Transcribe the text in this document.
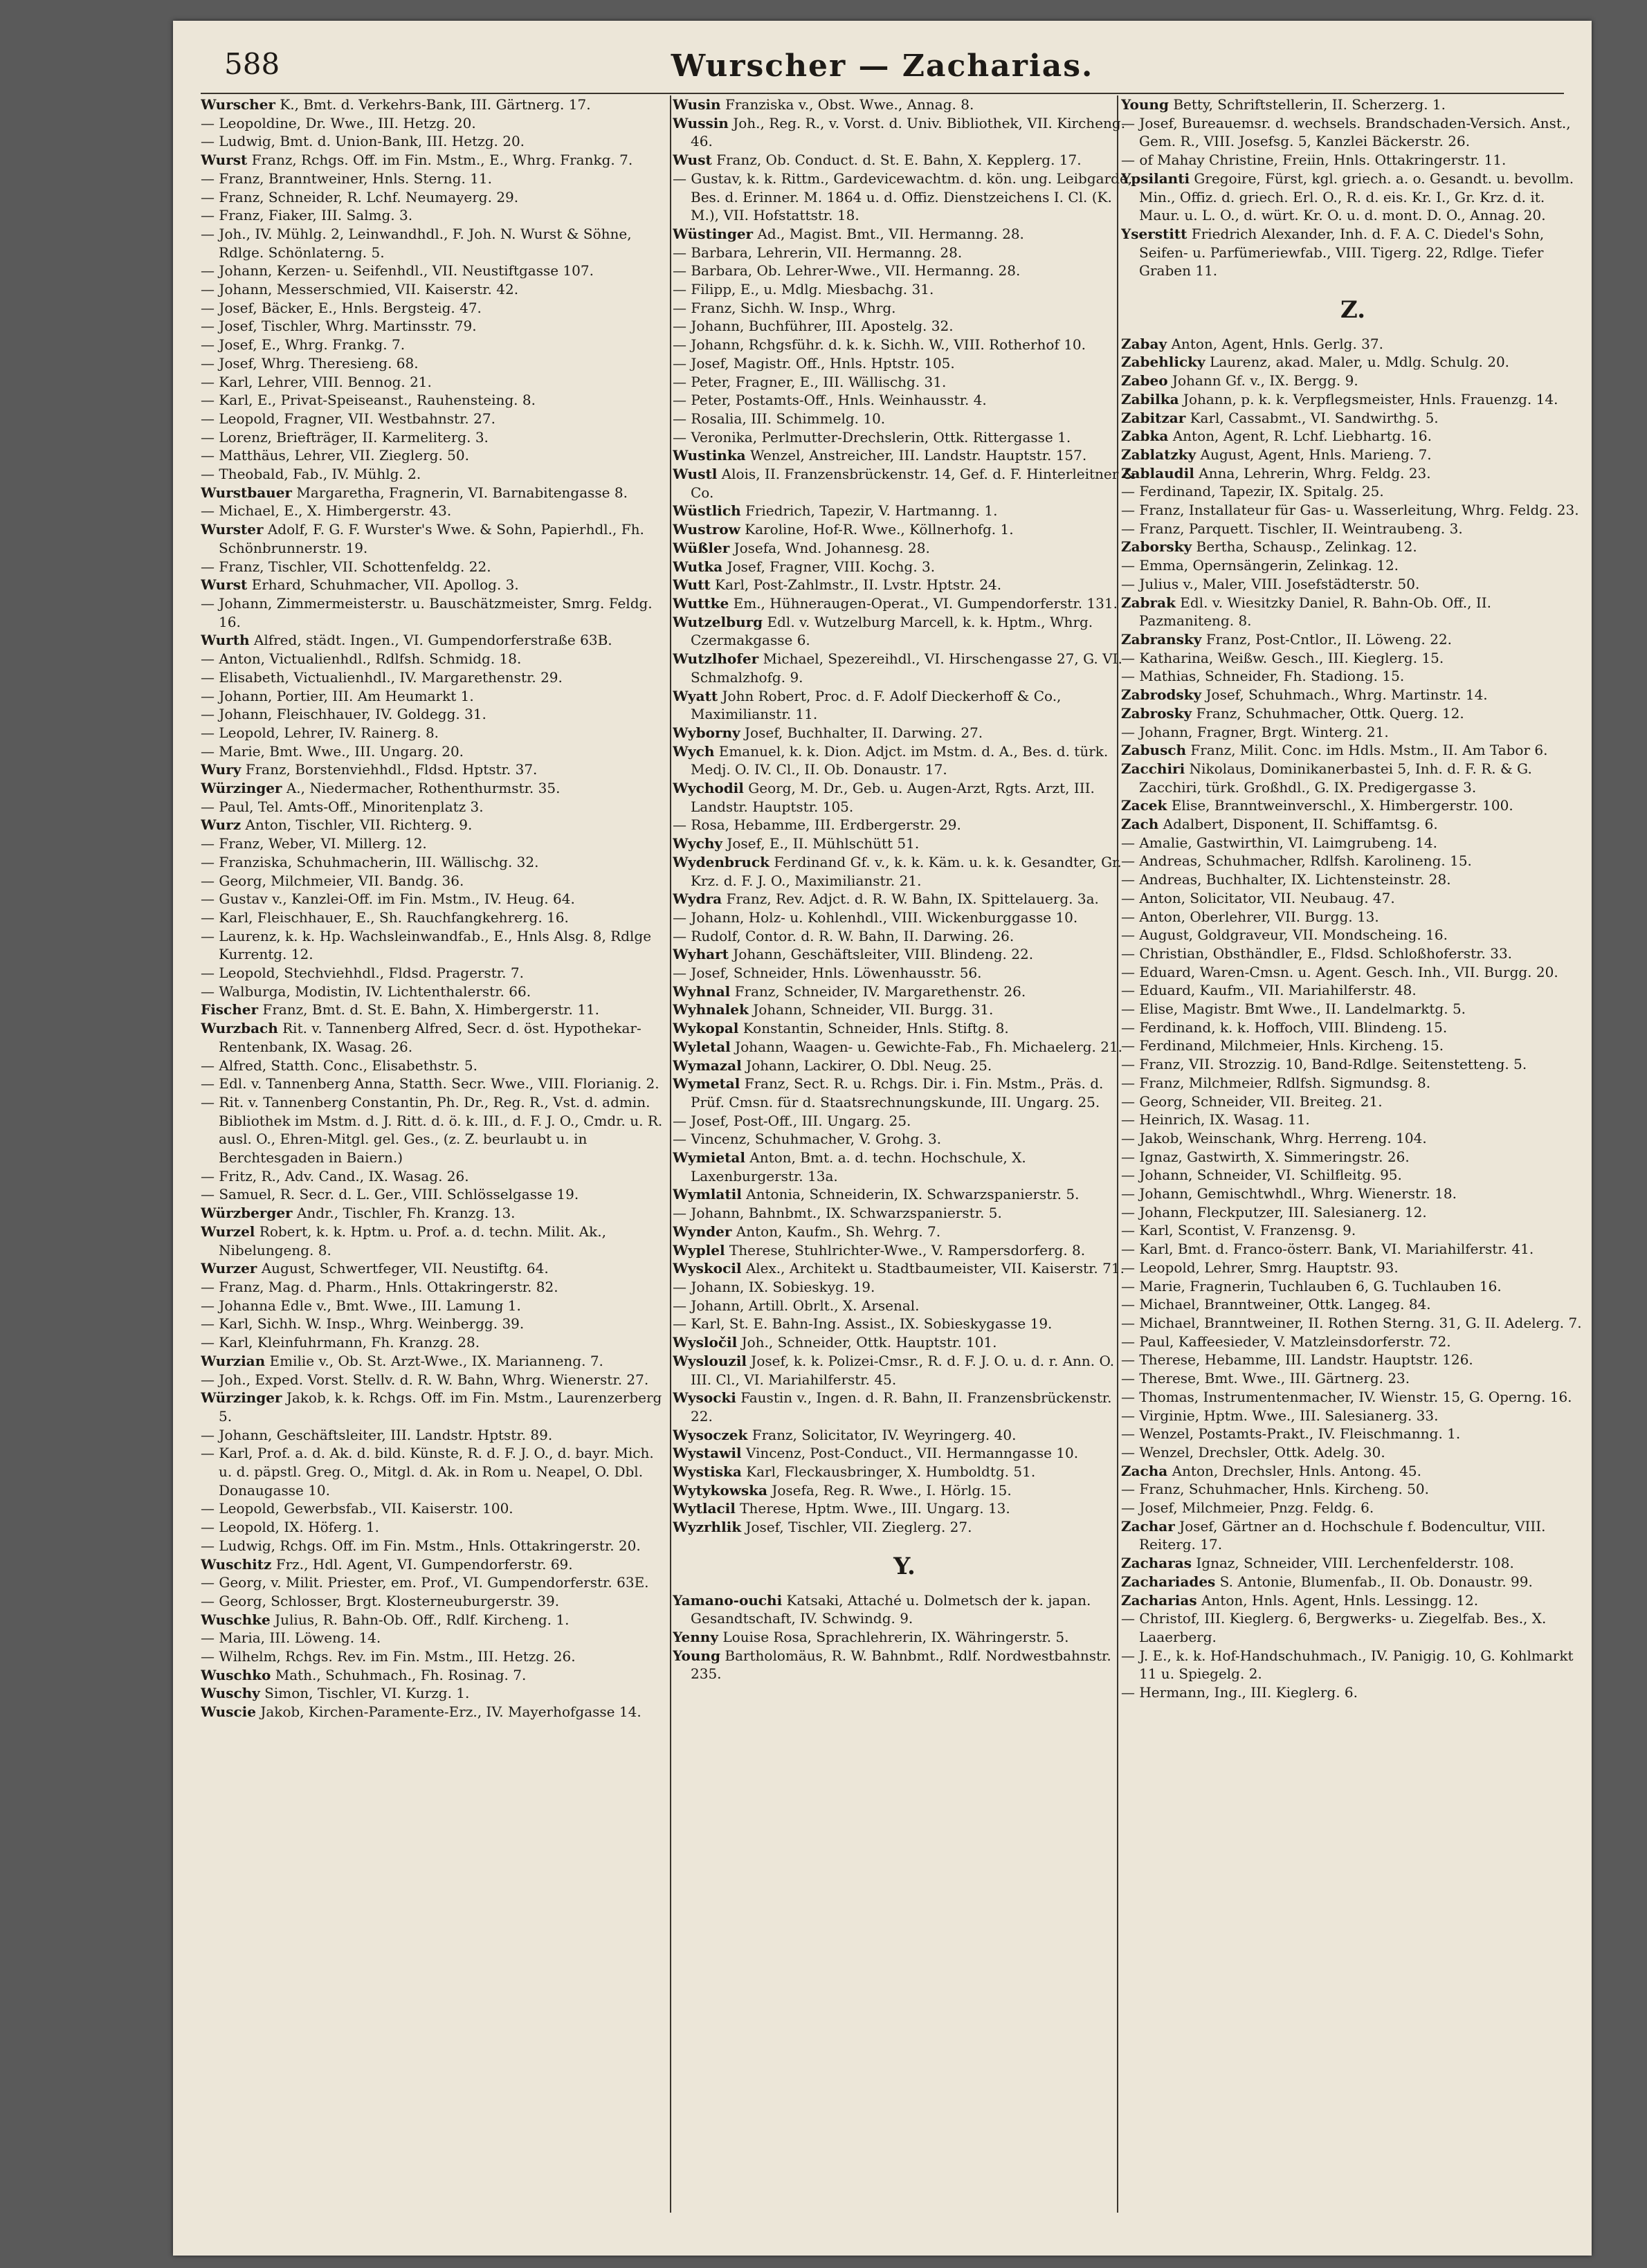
588	Wurscher — Zacharias.
Wurscher K., Bmt. d. Verkehrs-Bank, III. Gärtnerg. 17.
— Leopoldine, Dr. Wwe., III. Hetzg. 20.
— Ludwig, Bmt. d. Union-Bank, III. Hetzg. 20.
Wurst Franz, Rchgs. Off. im Fin. Mstm., E., Whrg. Frankg. 7.
— Franz, Branntweiner, Hnls. Sterng. 11.
— Franz, Schneider, R. Lchf. Neumayerg. 29.
— Franz, Fiaker, III. Salmg. 3.
— Joh., IV. Mühlg. 2, Leinwandhdl., F. Joh. N. Wurst & Söhne, Rdlge. Schönlaterng. 5.
— Johann, Kerzen- u. Seifenhdl., VII. Neustiftgasse 107.
— Johann, Messerschmied, VII. Kaiserstr. 42.
— Josef, Bäcker, E., Hnls. Bergsteig. 47.
— Josef, Tischler, Whrg. Martinsstr. 79.
— Josef, E., Whrg. Frankg. 7.
— Josef, Whrg. Theresieng. 68.
— Karl, Lehrer, VIII. Bennog. 21.
— Karl, E., Privat-Speiseanst., Rauhensteing. 8.
— Leopold, Fragner, VII. Westbahnstr. 27.
— Lorenz, Briefträger, II. Karmeliterg. 3.
— Matthäus, Lehrer, VII. Zieglerg. 50.
— Theobald, Fab., IV. Mühlg. 2.
Wurstbauer Margaretha, Fragnerin, VI. Barnabitengasse 8.
— Michael, E., X. Himbergerstr. 43.
Wurster Adolf, F. G. F. Wurster's Wwe. & Sohn, Papierhdl., Fh. Schönbrunnerstr. 19.
— Franz, Tischler, VII. Schottenfeldg. 22.
Wurst Erhard, Schuhmacher, VII. Apollog. 3.
— Johann, Zimmermeisterstr. u. Bauschätzmeister, Smrg. Feldg. 16.
Wurth Alfred, städt. Ingen., VI. Gumpendorferstraße 63B.
— Anton, Victualienhdl., Rdlfsh. Schmidg. 18.
— Elisabeth, Victualienhdl., IV. Margarethenstr. 29.
— Johann, Portier, III. Am Heumarkt 1.
— Johann, Fleischhauer, IV. Goldegg. 31.
— Leopold, Lehrer, IV. Rainerg. 8.
— Marie, Bmt. Wwe., III. Ungarg. 20.
Wury Franz, Borstenviehhdl., Fldsd. Hptstr. 37.
Würzinger A., Niedermacher, Rothenthurmstr. 35.
— Paul, Tel. Amts-Off., Minoritenplatz 3.
Wurz Anton, Tischler, VII. Richterg. 9.
— Franz, Weber, VI. Millerg. 12.
— Franziska, Schuhmacherin, III. Wällischg. 32.
— Georg, Milchmeier, VII. Bandg. 36.
— Gustav v., Kanzlei-Off. im Fin. Mstm., IV. Heug. 64.
— Karl, Fleischhauer, E., Sh. Rauchfangkehrerg. 16.
— Laurenz, k. k. Hp. Wachsleinwandfab., E., Hnls Alsg. 8, Rdlge Kurrentg. 12.
— Leopold, Stechviehhdl., Fldsd. Pragerstr. 7.
— Walburga, Modistin, IV. Lichtenthalerstr. 66.
Fischer Franz, Bmt. d. St. E. Bahn, X. Himbergerstr. 11.
Wurzbach Rit. v. Tannenberg Alfred, Secr. d. öst. Hypothekar-Rentenbank, IX. Wasag. 26.
— Alfred, Statth. Conc., Elisabethstr. 5.
— Edl. v. Tannenberg Anna, Statth. Secr. Wwe., VIII. Florianig. 2.
— Rit. v. Tannenberg Constantin, Ph. Dr., Reg. R., Vst. d. admin. Bibliothek im Mstm. d. J. Ritt. d. ö. k. III., d. F. J. O., Cmdr. u. R. ausl. O., Ehren-Mitgl. gel. Ges., (z. Z. beurlaubt u. in Berchtesgaden in Baiern.)
— Fritz, R., Adv. Cand., IX. Wasag. 26.
— Samuel, R. Secr. d. L. Ger., VIII. Schlösselgasse 19.
Würzberger Andr., Tischler, Fh. Kranzg. 13.
Wurzel Robert, k. k. Hptm. u. Prof. a. d. techn. Milit. Ak., Nibelungeng. 8.
Wurzer August, Schwertfeger, VII. Neustiftg. 64.
— Franz, Mag. d. Pharm., Hnls. Ottakringerstr. 82.
— Johanna Edle v., Bmt. Wwe., III. Lamung 1.
— Karl, Sichh. W. Insp., Whrg. Weinbergg. 39.
— Karl, Kleinfuhrmann, Fh. Kranzg. 28.
Wurzian Emilie v., Ob. St. Arzt-Wwe., IX. Marianneng. 7.
— Joh., Exped. Vorst. Stellv. d. R. W. Bahn, Whrg. Wienerstr. 27.
Würzinger Jakob, k. k. Rchgs. Off. im Fin. Mstm., Laurenzerberg 5.
— Johann, Geschäftsleiter, III. Landstr. Hptstr. 89.
— Karl, Prof. a. d. Ak. d. bild. Künste, R. d. F. J. O., d. bayr. Mich. u. d. päpstl. Greg. O., Mitgl. d. Ak. in Rom u. Neapel, O. Dbl. Donaugasse 10.
— Leopold, Gewerbsfab., VII. Kaiserstr. 100.
— Leopold, IX. Höferg. 1.
— Ludwig, Rchgs. Off. im Fin. Mstm., Hnls. Ottakringerstr. 20.
Wuschitz Frz., Hdl. Agent, VI. Gumpendorferstr. 69.
— Georg, v. Milit. Priester, em. Prof., VI. Gumpendorferstr. 63E.
— Georg, Schlosser, Brgt. Klosterneuburgerstr. 39.
Wuschke Julius, R. Bahn-Ob. Off., Rdlf. Kircheng. 1.
— Maria, III. Löweng. 14.
— Wilhelm, Rchgs. Rev. im Fin. Mstm., III. Hetzg. 26.
Wuschko Math., Schuhmach., Fh. Rosinag. 7.
Wuschy Simon, Tischler, VI. Kurzg. 1.
Wuscie Jakob, Kirchen-Paramente-Erz., IV. Mayerhofgasse 14.
Wusin Franziska v., Obst. Wwe., Annag. 8.
Wussin Joh., Reg. R., v. Vorst. d. Univ. Bibliothek, VII. Kircheng. 46.
Wust Franz, Ob. Conduct. d. St. E. Bahn, X. Kepplerg. 17.
— Gustav, k. k. Rittm., Gardevicewachtm. d. kön. ung. Leibgarde, Bes. d. Erinner. M. 1864 u. d. Offiz. Dienstzeichens I. Cl. (K. M.), VII. Hofstattstr. 18.
Wüstinger Ad., Magist. Bmt., VII. Hermanng. 28.
— Barbara, Lehrerin, VII. Hermanng. 28.
— Barbara, Ob. Lehrer-Wwe., VII. Hermanng. 28.
— Filipp, E., u. Mdlg. Miesbachg. 31.
— Franz, Sichh. W. Insp., Whrg.
— Johann, Buchführer, III. Apostelg. 32.
— Johann, Rchgsführ. d. k. k. Sichh. W., VIII. Rotherhof 10.
— Josef, Magistr. Off., Hnls. Hptstr. 105.
— Peter, Fragner, E., III. Wällischg. 31.
— Peter, Postamts-Off., Hnls. Weinhausstr. 4.
— Rosalia, III. Schimmelg. 10.
— Veronika, Perlmutter-Drechslerin, Ottk. Rittergasse 1.
Wustinka Wenzel, Anstreicher, III. Landstr. Hauptstr. 157.
Wustl Alois, II. Franzensbrückenstr. 14, Gef. d. F. Hinterleitner & Co.
Wüstlich Friedrich, Tapezir, V. Hartmanng. 1.
Wustrow Karoline, Hof-R. Wwe., Köllnerhofg. 1.
Wüßler Josefa, Wnd. Johannesg. 28.
Wutka Josef, Fragner, VIII. Kochg. 3.
Wutt Karl, Post-Zahlmstr., II. Lvstr. Hptstr. 24.
Wuttke Em., Hühneraugen-Operat., VI. Gumpendorferstr. 131.
Wutzelburg Edl. v. Wutzelburg Marcell, k. k. Hptm., Whrg. Czermakgasse 6.
Wutzlhofer Michael, Spezereihdl., VI. Hirschengasse 27, G. VI. Schmalzhofg. 9.
Wyatt John Robert, Proc. d. F. Adolf Dieckerhoff & Co., Maximilianstr. 11.
Wyborny Josef, Buchhalter, II. Darwing. 27.
Wych Emanuel, k. k. Dion. Adjct. im Mstm. d. A., Bes. d. türk. Medj. O. IV. Cl., II. Ob. Donaustr. 17.
Wychodil Georg, M. Dr., Geb. u. Augen-Arzt, Rgts. Arzt, III. Landstr. Hauptstr. 105.
— Rosa, Hebamme, III. Erdbergerstr. 29.
Wychy Josef, E., II. Mühlschütt 51.
Wydenbruck Ferdinand Gf. v., k. k. Käm. u. k. k. Gesandter, Gr. Krz. d. F. J. O., Maximilianstr. 21.
Wydra Franz, Rev. Adjct. d. R. W. Bahn, IX. Spittelauerg. 3a.
— Johann, Holz- u. Kohlenhdl., VIII. Wickenburggasse 10.
— Rudolf, Contor. d. R. W. Bahn, II. Darwing. 26.
Wyhart Johann, Geschäftsleiter, VIII. Blindeng. 22.
— Josef, Schneider, Hnls. Löwenhausstr. 56.
Wyhnal Franz, Schneider, IV. Margarethenstr. 26.
Wyhnalek Johann, Schneider, VII. Burgg. 31.
Wykopal Konstantin, Schneider, Hnls. Stiftg. 8.
Wyletal Johann, Waagen- u. Gewichte-Fab., Fh. Michaelerg. 21.
Wymazal Johann, Lackirer, O. Dbl. Neug. 25.
Wymetal Franz, Sect. R. u. Rchgs. Dir. i. Fin. Mstm., Präs. d. Prüf. Cmsn. für d. Staatsrechnungskunde, III. Ungarg. 25.
— Josef, Post-Off., III. Ungarg. 25.
— Vincenz, Schuhmacher, V. Grohg. 3.
Wymietal Anton, Bmt. a. d. techn. Hochschule, X. Laxenburgerstr. 13a.
Wymlatil Antonia, Schneiderin, IX. Schwarzspanierstr. 5.
— Johann, Bahnbmt., IX. Schwarzspanierstr. 5.
Wynder Anton, Kaufm., Sh. Wehrg. 7.
Wyplel Therese, Stuhlrichter-Wwe., V. Rampersdorferg. 8.
Wyskocil Alex., Architekt u. Stadtbaumeister, VII. Kaiserstr. 71.
— Johann, IX. Sobieskyg. 19.
— Johann, Artill. Obrlt., X. Arsenal.
— Karl, St. E. Bahn-Ing. Assist., IX. Sobieskygasse 19.
Wysločil Joh., Schneider, Ottk. Hauptstr. 101.
Wyslouzil Josef, k. k. Polizei-Cmsr., R. d. F. J. O. u. d. r. Ann. O. III. Cl., VI. Mariahilferstr. 45.
Wysocki Faustin v., Ingen. d. R. Bahn, II. Franzensbrückenstr. 22.
Wysoczek Franz, Solicitator, IV. Weyringerg. 40.
Wystawil Vincenz, Post-Conduct., VII. Hermanngasse 10.
Wystiska Karl, Fleckausbringer, X. Humboldtg. 51.
Wytykowska Josefa, Reg. R. Wwe., I. Hörlg. 15.
Wytlacil Therese, Hptm. Wwe., III. Ungarg. 13.
Wyzrhlik Josef, Tischler, VII. Zieglerg. 27.
Y.
Yamano-ouchi Katsaki, Attaché u. Dolmetsch der k. japan. Gesandtschaft, IV. Schwindg. 9.
Yenny Louise Rosa, Sprachlehrerin, IX. Währingerstr. 5.
Young Bartholomäus, R. W. Bahnbmt., Rdlf. Nordwestbahnstr. 235.
Young Betty, Schriftstellerin, II. Scherzerg. 1.
— Josef, Bureauemsr. d. wechsels. Brandschaden-Versich. Anst., Gem. R., VIII. Josefsg. 5, Kanzlei Bäckerstr. 26.
— of Mahay Christine, Freiin, Hnls. Ottakringerstr. 11.
Ypsilanti Gregoire, Fürst, kgl. griech. a. o. Gesandt. u. bevollm. Min., Offiz. d. griech. Erl. O., R. d. eis. Kr. I., Gr. Krz. d. it. Maur. u. L. O., d. würt. Kr. O. u. d. mont. D. O., Annag. 20.
Yserstitt Friedrich Alexander, Inh. d. F. A. C. Diedel's Sohn, Seifen- u. Parfümeriewfab., VIII. Tigerg. 22, Rdlge. Tiefer Graben 11.
Z.
Zabay Anton, Agent, Hnls. Gerlg. 37.
Zabehlicky Laurenz, akad. Maler, u. Mdlg. Schulg. 20.
Zabeo Johann Gf. v., IX. Bergg. 9.
Zabilka Johann, p. k. k. Verpflegsmeister, Hnls. Frauenzg. 14.
Zabitzar Karl, Cassabmt., VI. Sandwirthg. 5.
Zabka Anton, Agent, R. Lchf. Liebhartg. 16.
Zablatzky August, Agent, Hnls. Marieng. 7.
Zablaudil Anna, Lehrerin, Whrg. Feldg. 23.
— Ferdinand, Tapezir, IX. Spitalg. 25.
— Franz, Installateur für Gas- u. Wasserleitung, Whrg. Feldg. 23.
— Franz, Parquett. Tischler, II. Weintraubeng. 3.
Zaborsky Bertha, Schausp., Zelinkag. 12.
— Emma, Opernsängerin, Zelinkag. 12.
— Julius v., Maler, VIII. Josefstädterstr. 50.
Zabrak Edl. v. Wiesitzky Daniel, R. Bahn-Ob. Off., II. Pazmaniteng. 8.
Zabransky Franz, Post-Cntlor., II. Löweng. 22.
— Katharina, Weißw. Gesch., III. Kieglerg. 15.
— Mathias, Schneider, Fh. Stadiong. 15.
Zabrodsky Josef, Schuhmach., Whrg. Martinstr. 14.
Zabrosky Franz, Schuhmacher, Ottk. Querg. 12.
— Johann, Fragner, Brgt. Winterg. 21.
Zabusch Franz, Milit. Conc. im Hdls. Mstm., II. Am Tabor 6.
Zacchiri Nikolaus, Dominikanerbastei 5, Inh. d. F. R. & G. Zacchiri, türk. Großhdl., G. IX. Predigergasse 3.
Zacek Elise, Branntweinverschl., X. Himbergerstr. 100.
Zach Adalbert, Disponent, II. Schiffamtsg. 6.
— Amalie, Gastwirthin, VI. Laimgrubeng. 14.
— Andreas, Schuhmacher, Rdlfsh. Karolineng. 15.
— Andreas, Buchhalter, IX. Lichtensteinstr. 28.
— Anton, Solicitator, VII. Neubaug. 47.
— Anton, Oberlehrer, VII. Burgg. 13.
— August, Goldgraveur, VII. Mondscheing. 16.
— Christian, Obsthändler, E., Fldsd. Schloßhoferstr. 33.
— Eduard, Waren-Cmsn. u. Agent. Gesch. Inh., VII. Burgg. 20.
— Eduard, Kaufm., VII. Mariahilferstr. 48.
— Elise, Magistr. Bmt Wwe., II. Landelmarktg. 5.
— Ferdinand, k. k. Hoffoch, VIII. Blindeng. 15.
— Ferdinand, Milchmeier, Hnls. Kircheng. 15.
— Franz, VII. Strozzig. 10, Band-Rdlge. Seitenstetteng. 5.
— Franz, Milchmeier, Rdlfsh. Sigmundsg. 8.
— Georg, Schneider, VII. Breiteg. 21.
— Heinrich, IX. Wasag. 11.
— Jakob, Weinschank, Whrg. Herreng. 104.
— Ignaz, Gastwirth, X. Simmeringstr. 26.
— Johann, Schneider, VI. Schilfleitg. 95.
— Johann, Gemischtwhdl., Whrg. Wienerstr. 18.
— Johann, Fleckputzer, III. Salesianerg. 12.
— Karl, Scontist, V. Franzensg. 9.
— Karl, Bmt. d. Franco-österr. Bank, VI. Mariahilferstr. 41.
— Leopold, Lehrer, Smrg. Hauptstr. 93.
— Marie, Fragnerin, Tuchlauben 6, G. Tuchlauben 16.
— Michael, Branntweiner, Ottk. Langeg. 84.
— Michael, Branntweiner, II. Rothen Sterng. 31, G. II. Adelerg. 7.
— Paul, Kaffeesieder, V. Matzleinsdorferstr. 72.
— Therese, Hebamme, III. Landstr. Hauptstr. 126.
— Therese, Bmt. Wwe., III. Gärtnerg. 23.
— Thomas, Instrumentenmacher, IV. Wienstr. 15, G. Operng. 16.
— Virginie, Hptm. Wwe., III. Salesianerg. 33.
— Wenzel, Postamts-Prakt., IV. Fleischmanng. 1.
— Wenzel, Drechsler, Ottk. Adelg. 30.
Zacha Anton, Drechsler, Hnls. Antong. 45.
— Franz, Schuhmacher, Hnls. Kircheng. 50.
— Josef, Milchmeier, Pnzg. Feldg. 6.
Zachar Josef, Gärtner an d. Hochschule f. Bodencultur, VIII. Reiterg. 17.
Zacharas Ignaz, Schneider, VIII. Lerchenfelderstr. 108.
Zachariades S. Antonie, Blumenfab., II. Ob. Donaustr. 99.
Zacharias Anton, Hnls. Agent, Hnls. Lessingg. 12.
— Christof, III. Kieglerg. 6, Bergwerks- u. Ziegelfab. Bes., X. Laaerberg.
— J. E., k. k. Hof-Handschuhmach., IV. Panigig. 10, G. Kohlmarkt 11 u. Spiegelg. 2.
— Hermann, Ing., III. Kieglerg. 6.
